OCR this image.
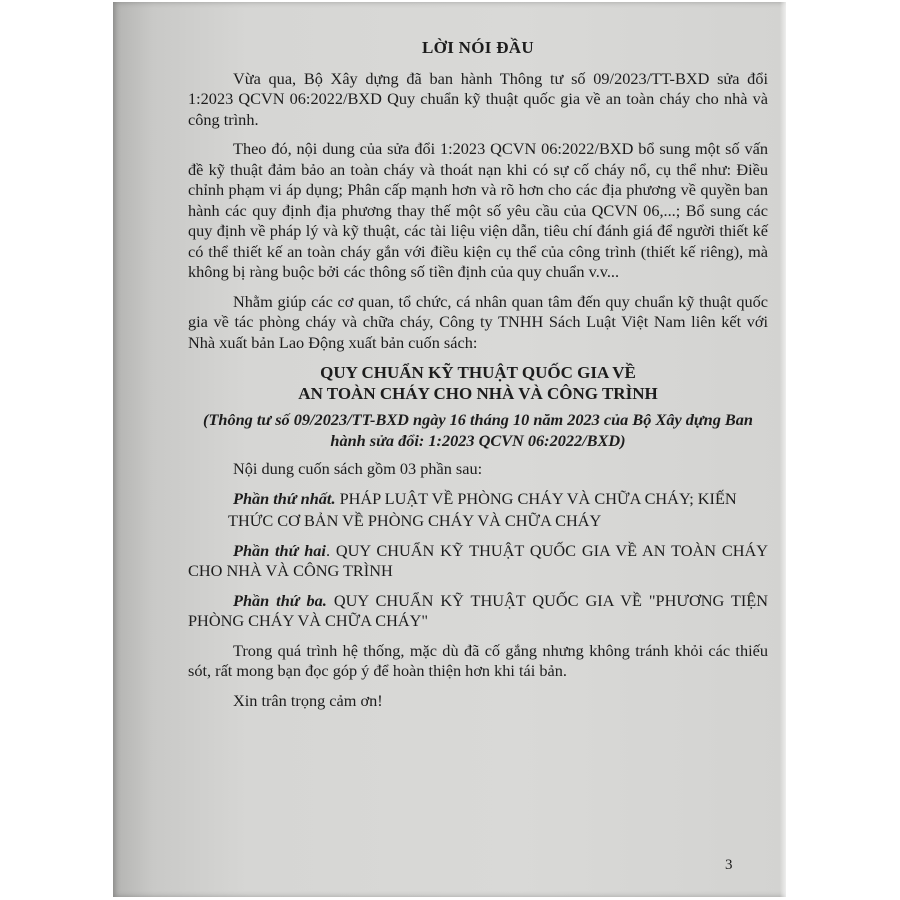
LỜI NÓI ĐẦU

Vừa qua, Bộ Xây dựng đã ban hành Thông tư số 09/2023/TT-BXD sửa đổi 1:2023 QCVN 06:2022/BXD Quy chuẩn kỹ thuật quốc gia về an toàn cháy cho nhà và công trình.

Theo đó, nội dung của sửa đổi 1:2023 QCVN 06:2022/BXD bổ sung một số vấn đề kỹ thuật đảm bảo an toàn cháy và thoát nạn khi có sự cố cháy nổ, cụ thể như: Điều chỉnh phạm vi áp dụng; Phân cấp mạnh hơn và rõ hơn cho các địa phương về quyền ban hành các quy định địa phương thay thế một số yêu cầu của QCVN 06,...; Bổ sung các quy định về pháp lý và kỹ thuật, các tài liệu viện dẫn, tiêu chí đánh giá để người thiết kế có thể thiết kế an toàn cháy gắn với điều kiện cụ thể của công trình (thiết kế riêng), mà không bị ràng buộc bởi các thông số tiền định của quy chuẩn v.v...

Nhằm giúp các cơ quan, tổ chức, cá nhân quan tâm đến quy chuẩn kỹ thuật quốc gia về tác phòng cháy và chữa cháy, Công ty TNHH Sách Luật Việt Nam liên kết với Nhà xuất bản Lao Động xuất bản cuốn sách:

QUY CHUẨN KỸ THUẬT QUỐC GIA VỀ
AN TOÀN CHÁY CHO NHÀ VÀ CÔNG TRÌNH
(Thông tư số 09/2023/TT-BXD ngày 16 tháng 10 năm 2023 của Bộ Xây dựng Ban hành sửa đổi: 1:2023 QCVN 06:2022/BXD)

Nội dung cuốn sách gồm 03 phần sau:

Phần thứ nhất. PHÁP LUẬT VỀ PHÒNG CHÁY VÀ CHỮA CHÁY; KIẾN

THỨC CƠ BẢN VỀ PHÒNG CHÁY VÀ CHỮA CHÁY

Phần thứ hai. QUY CHUẨN KỸ THUẬT QUỐC GIA VỀ AN TOÀN CHÁY CHO NHÀ VÀ CÔNG TRÌNH

Phần thứ ba. QUY CHUẨN KỸ THUẬT QUỐC GIA VỀ "PHƯƠNG TIỆN PHÒNG CHÁY VÀ CHỮA CHÁY"

Trong quá trình hệ thống, mặc dù đã cố gắng nhưng không tránh khỏi các thiếu sót, rất mong bạn đọc góp ý để hoàn thiện hơn khi tái bản.

Xin trân trọng cảm ơn!

3
